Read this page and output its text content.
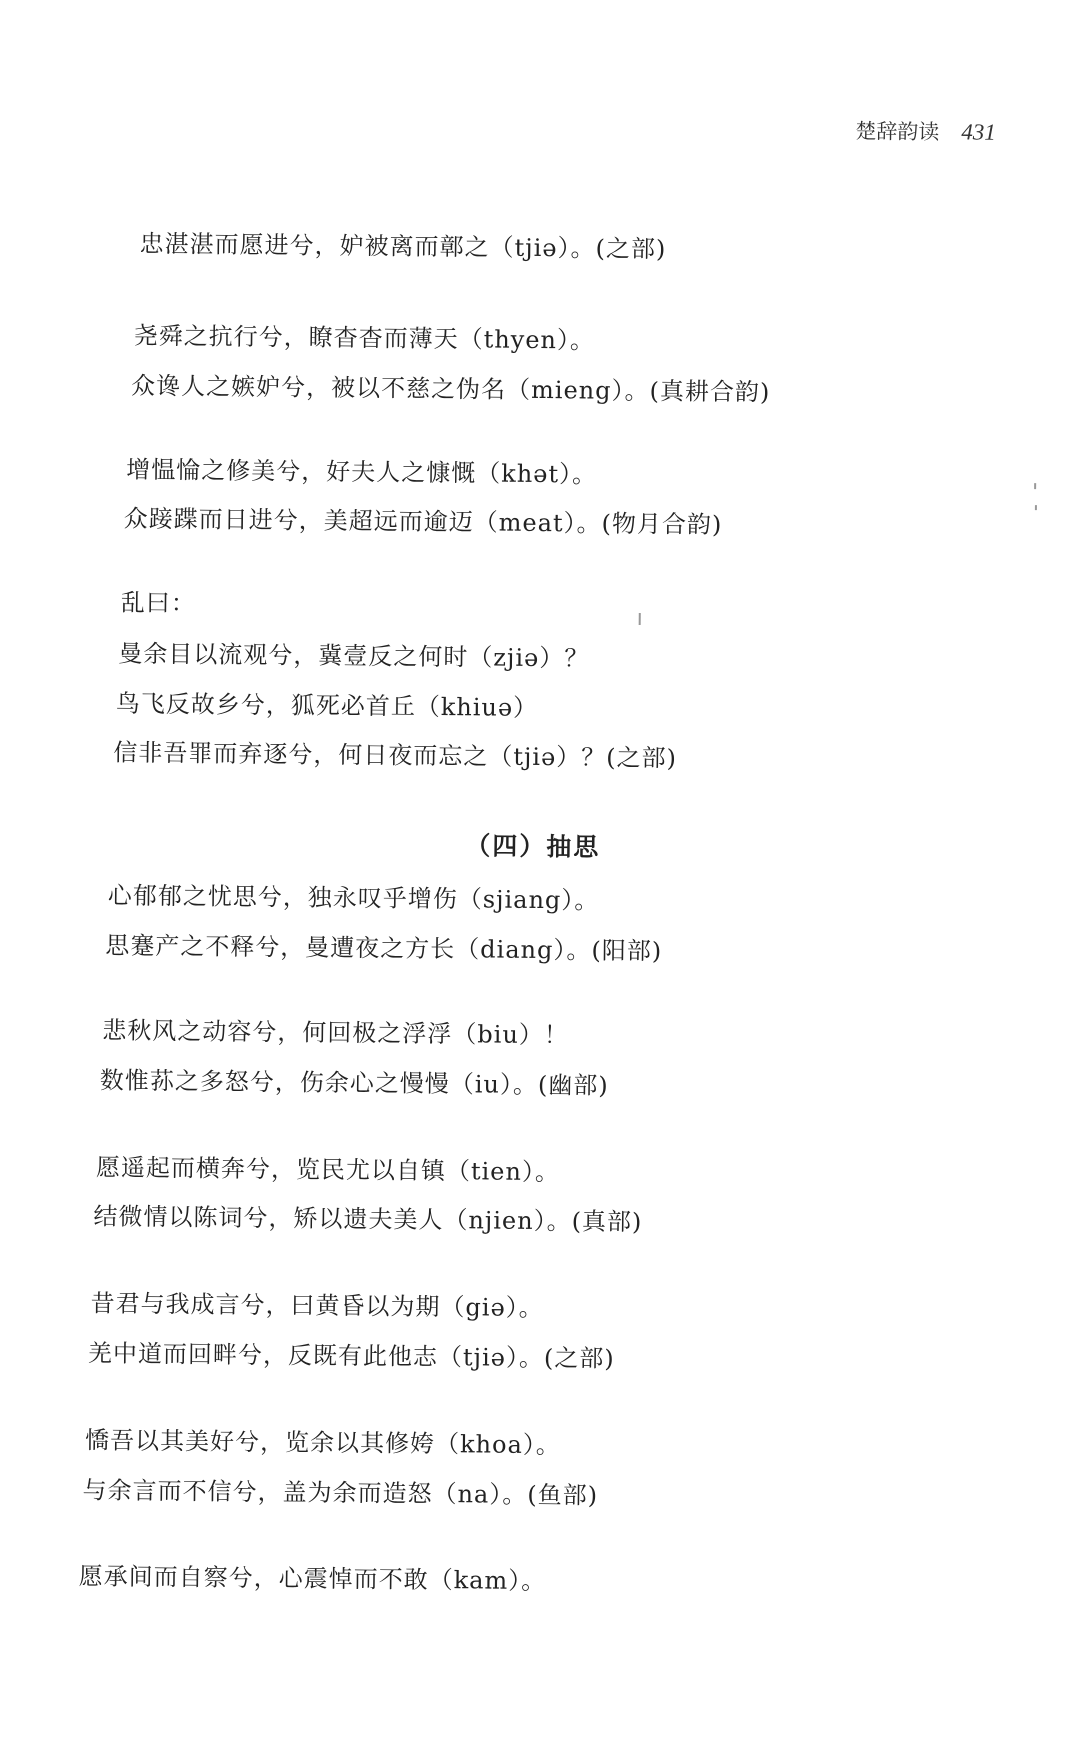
楚辞韵读 431
忠湛湛而愿进兮，妒被离而鄣之（tjiə）。(之部)
尧舜之抗行兮，瞭杳杳而薄天（thyen）。
众谗人之嫉妒兮，被以不慈之伪名（mieng）。(真耕合韵)
增愠惀之修美兮，好夫人之慷慨（khət）。
众踥蹀而日进兮，美超远而逾迈（meat）。(物月合韵)
乱曰：
曼余目以流观兮，冀壹反之何时（zjiə）？
鸟飞反故乡兮，狐死必首丘（khiuə）
信非吾罪而弃逐兮，何日夜而忘之（tjiə）？(之部)
（四）抽思
心郁郁之忧思兮，独永叹乎增伤（sjiang）。
思蹇产之不释兮，曼遭夜之方长（diang）。(阳部)
悲秋风之动容兮，何回极之浮浮（biu）！
数惟荪之多怒兮，伤余心之慢慢（iu）。(幽部)
愿遥起而横奔兮，览民尤以自镇（tien）。
结微情以陈词兮，矫以遗夫美人（njien）。(真部)
昔君与我成言兮，曰黄昏以为期（giə）。
羌中道而回畔兮，反既有此他志（tjiə）。(之部)
憍吾以其美好兮，览余以其修姱（khoa）。
与余言而不信兮，盖为余而造怒（na）。(鱼部)
愿承间而自察兮，心震悼而不敢（kam）。
